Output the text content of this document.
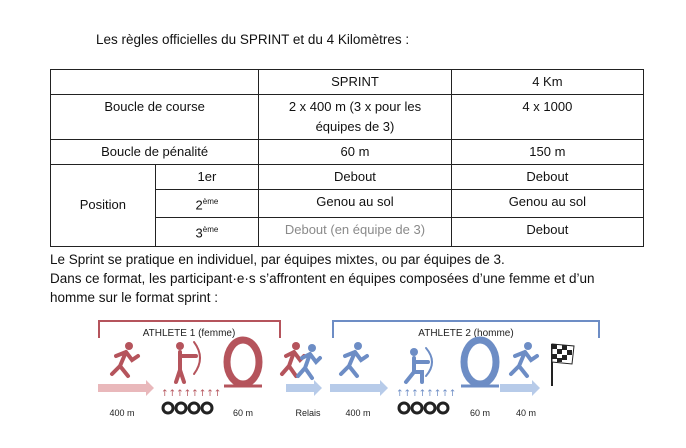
Les règles officielles du SPRINT et du 4 Kilomètres :
		SPRINT	4 Km
Boucle de course		2 x 400 m (3 x pour les
équipes de 3)	4 x 1000
Boucle de pénalité		60 m	150 m
Position	1er	Debout	Debout
	2ème	Genou au sol	Genou au sol
	3ème	Debout (en équipe de 3)	Debout
Le Sprint se pratique en individuel, par équipes mixtes, ou par équipes de 3.
Dans ce format, les participant·e·s s’affrontent en équipes composées d’une femme et d’un
homme sur le format sprint :
ATHLETE 1 (femme)	ATHLETE 2 (homme)
↑↑↑↑↑↑↑↑	↑↑↑↑↑↑↑↑
400 m	60 m	Relais	400 m	60 m	40 m
